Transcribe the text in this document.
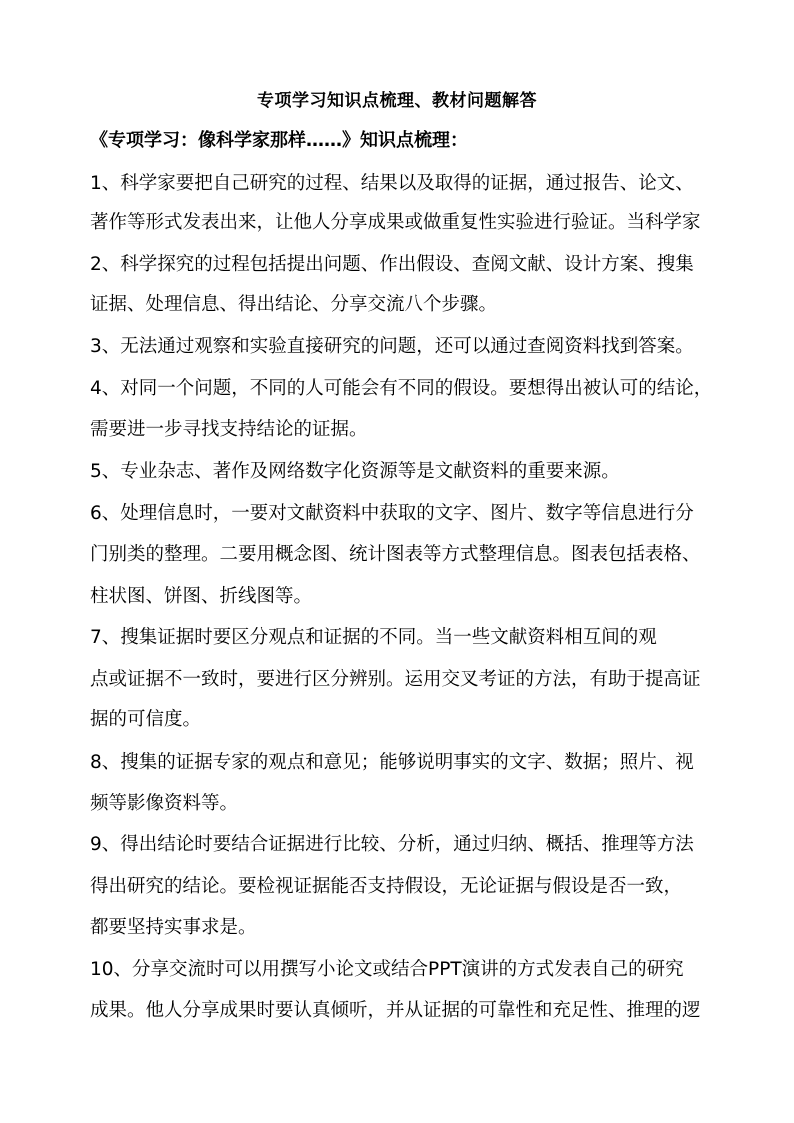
专项学习知识点梳理、教材问题解答
《专项学习：像科学家那样……》知识点梳理：
1、科学家要把自己研究的过程、结果以及取得的证据，通过报告、论文、
著作等形式发表出来，让他人分享成果或做重复性实验进行验证。当科学家
2、科学探究的过程包括提出问题、作出假设、查阅文献、设计方案、搜集
证据、处理信息、得出结论、分享交流八个步骤。
3、无法通过观察和实验直接研究的问题，还可以通过查阅资料找到答案。
4、对同一个问题，不同的人可能会有不同的假设。要想得出被认可的结论，
需要进一步寻找支持结论的证据。
5、专业杂志、著作及网络数字化资源等是文献资料的重要来源。
6、处理信息时，一要对文献资料中获取的文字、图片、数字等信息进行分
门别类的整理。二要用概念图、统计图表等方式整理信息。图表包括表格、
柱状图、饼图、折线图等。
7、搜集证据时要区分观点和证据的不同。当一些文献资料相互间的观
点或证据不一致时，要进行区分辨别。运用交叉考证的方法，有助于提高证
据的可信度。
8、搜集的证据专家的观点和意见；能够说明事实的文字、数据；照片、视
频等影像资料等。
9、得出结论时要结合证据进行比较、分析，通过归纳、概括、推理等方法
得出研究的结论。要检视证据能否支持假设，无论证据与假设是否一致，
都要坚持实事求是。
10、分享交流时可以用撰写小论文或结合PPT演讲的方式发表自己的研究
成果。他人分享成果时要认真倾听，并从证据的可靠性和充足性、推理的逻
